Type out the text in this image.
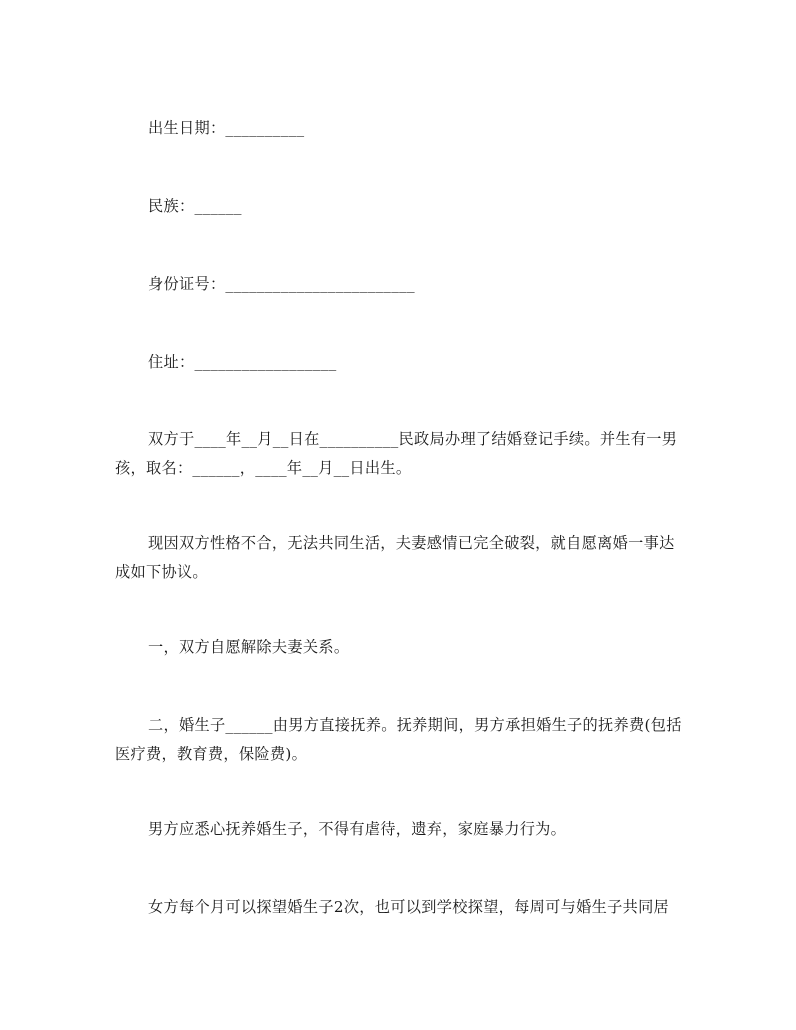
出生日期：__________

民族：______

身份证号：________________________

住址：__________________

双方于____年__月__日在__________民政局办理了结婚登记手续。并生有一男孩，取名：______，____年__月__日出生。

现因双方性格不合，无法共同生活，夫妻感情已完全破裂，就自愿离婚一事达成如下协议。

一，双方自愿解除夫妻关系。

二，婚生子______由男方直接抚养。抚养期间，男方承担婚生子的抚养费(包括医疗费，教育费，保险费)。

男方应悉心抚养婚生子，不得有虐待，遗弃，家庭暴力行为。

女方每个月可以探望婚生子2次，也可以到学校探望，每周可与婚生子共同居
